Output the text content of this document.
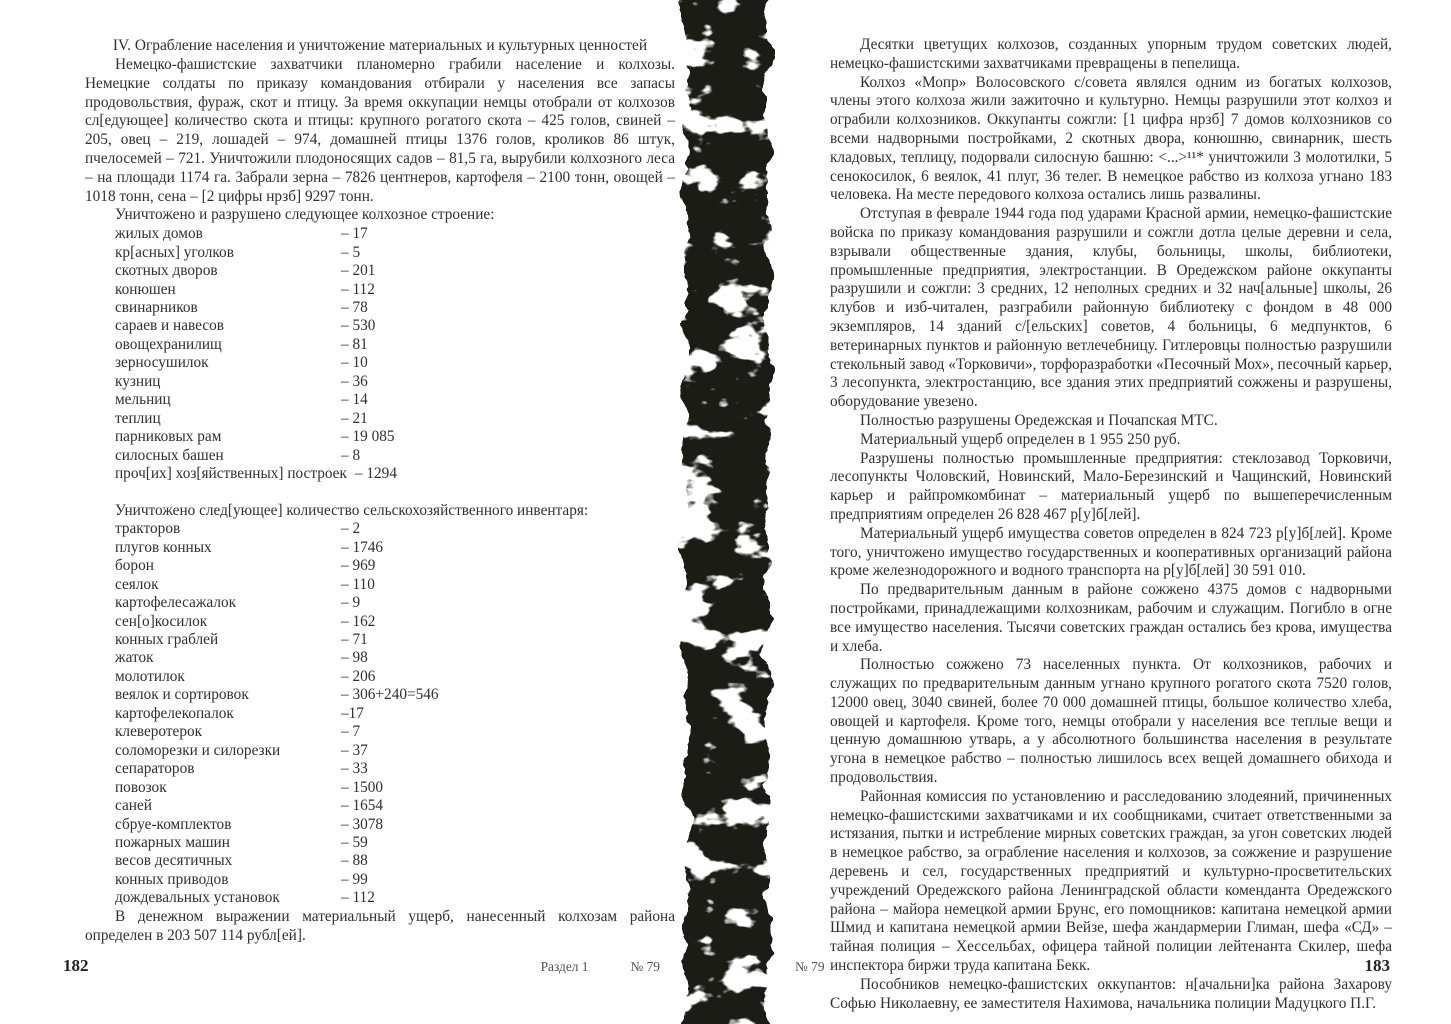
IV. Ограбление населения и уничтожение материальных и культурных ценностей

Немецко-фашистские захватчики планомерно грабили население и колхозы. Немецкие солдаты по приказу командования отбирали у населения все запасы продовольствия, фураж, скот и птицу. За время оккупации немцы отобрали от колхозов сл[едующее] количество скота и птицы: крупного рогатого скота – 425 голов, свиней – 205, овец – 219, лошадей – 974, домашней птицы 1376 голов, кроликов 86 штук, пчелосемей – 721. Уничтожили плодоносящих садов – 81,5 га, вырубили колхозного леса – на площади 1174 га. Забрали зерна – 7826 центнеров, картофеля – 2100 тонн, овощей – 1018 тонн, сена – [2 цифры нрзб] 9297 тонн.

Уничтожено и разрушено следующее колхозное строение:

жилых домов	– 17
кр[асных] уголков	– 5
скотных дворов	– 201
конюшен	– 112
свинарников	– 78
сараев и навесов	– 530
овощехранилищ	– 81
зерносушилок	– 10
кузниц	– 36
мельниц	– 14
теплиц	– 21
парниковых рам	– 19 085
силосных башен	– 8
проч[их] хоз[яйственных] построек – 1294

Уничтожено след[ующее] количество сельскохозяйственного инвентаря:

тракторов	– 2
плугов конных	– 1746
борон	– 969
сеялок	– 110
картофелесажалок	– 9
сен[о]косилок	– 162
конных граблей	– 71
жаток	– 98
молотилок	– 206
веялок и сортировок	– 306+240=546
картофелекопалок	–17
клеверотерок	– 7
соломорезки и силорезки	– 37
сепараторов	– 33
повозок	– 1500
саней	– 1654
сбруе-комплектов	– 3078
пожарных машин	– 59
весов десятичных	– 88
конных приводов	– 99
дождевальных установок	– 112

В денежном выражении материальный ущерб, нанесенный колхозам района определен в 203 507 114 рубл[ей].

Десятки цветущих колхозов, созданных упорным трудом советских людей, немецко-фашистскими захватчиками превращены в пепелища.

Колхоз «Мопр» Волосовского с/совета являлся одним из богатых колхозов, члены этого колхоза жили зажиточно и культурно. Немцы разрушили этот колхоз и ограбили колхозников. Оккупанты сожгли: [1 цифра нрзб] 7 домов колхозников со всеми надворными постройками, 2 скотных двора, конюшню, свинарник, шесть кладовых, теплицу, подорвали силосную башню: <...>¹¹* уничтожили 3 молотилки, 5 сенокосилок, 6 веялок, 41 плуг, 36 телег. В немецкое рабство из колхоза угнано 183 человека. На месте передового колхоза остались лишь развалины.

Отступая в феврале 1944 года под ударами Красной армии, немецко-фашистские войска по приказу командования разрушили и сожгли дотла целые деревни и села, взрывали общественные здания, клубы, больницы, школы, библиотеки, промышленные предприятия, электростанции. В Оредежском районе оккупанты разрушили и сожгли: 3 средних, 12 неполных средних и 32 нач[альные] школы, 26 клубов и изб-читален, разграбили районную библиотеку с фондом в 48 000 экземпляров, 14 зданий с/[ельских] советов, 4 больницы, 6 медпунктов, 6 ветеринарных пунктов и районную ветлечебницу. Гитлеровцы полностью разрушили стекольный завод «Торковичи», торфоразработки «Песочный Мох», песочный карьер, 3 лесопункта, электростанцию, все здания этих предприятий сожжены и разрушены, оборудование увезено.

Полностью разрушены Оредежская и Почапская МТС.

Материальный ущерб определен в 1 955 250 руб.

Разрушены полностью промышленные предприятия: стеклозавод Торковичи, лесопункты Чоловский, Новинский, Мало-Березинский и Чащинский, Новинский карьер и райпромкомбинат – материальный ущерб по вышеперечисленным предприятиям определен 26 828 467 р[у]б[лей].

Материальный ущерб имущества советов определен в 824 723 р[у]б[лей]. Кроме того, уничтожено имущество государственных и кооперативных организаций района кроме железнодорожного и водного транспорта на р[у]б[лей] 30 591 010.

По предварительным данным в районе сожжено 4375 домов с надворными постройками, принадлежащими колхозникам, рабочим и служащим. Погибло в огне все имущество населения. Тысячи советских граждан остались без крова, имущества и хлеба.

Полностью сожжено 73 населенных пункта. От колхозников, рабочих и служащих по предварительным данным угнано крупного рогатого скота 7520 голов, 12000 овец, 3040 свиней, более 70 000 домашней птицы, большое количество хлеба, овощей и картофеля. Кроме того, немцы отобрали у населения все теплые вещи и ценную домашнюю утварь, а у абсолютного большинства населения в результате угона в немецкое рабство – полностью лишилось всех вещей домашнего обихода и продовольствия.

Районная комиссия по установлению и расследованию злодеяний, причиненных немецко-фашистскими захватчиками и их сообщниками, считает ответственными за истязания, пытки и истребление мирных советских граждан, за угон советских людей в немецкое рабство, за ограбление населения и колхозов, за сожжение и разрушение деревень и сел, государственных предприятий и культурно-просветительских учреждений Оредежского района Ленинградской области коменданта Оредежского района – майора немецкой армии Брунс, его помощников: капитана немецкой армии Шмид и капитана немецкой армии Вейзе, шефа жандармерии Глиман, шефа «СД» – тайная полиция – Хессельбах, офицера тайной полиции лейтенанта Скилер, шефа инспектора биржи труда капитана Бекк.

Пособников немецко-фашистских оккупантов: н[ачальни]ка района Захарову Софью Николаевну, ее заместителя Нахимова, начальника полиции Мадуцкого П.Г.

182	Раздел 1	№ 79	№ 79	183
